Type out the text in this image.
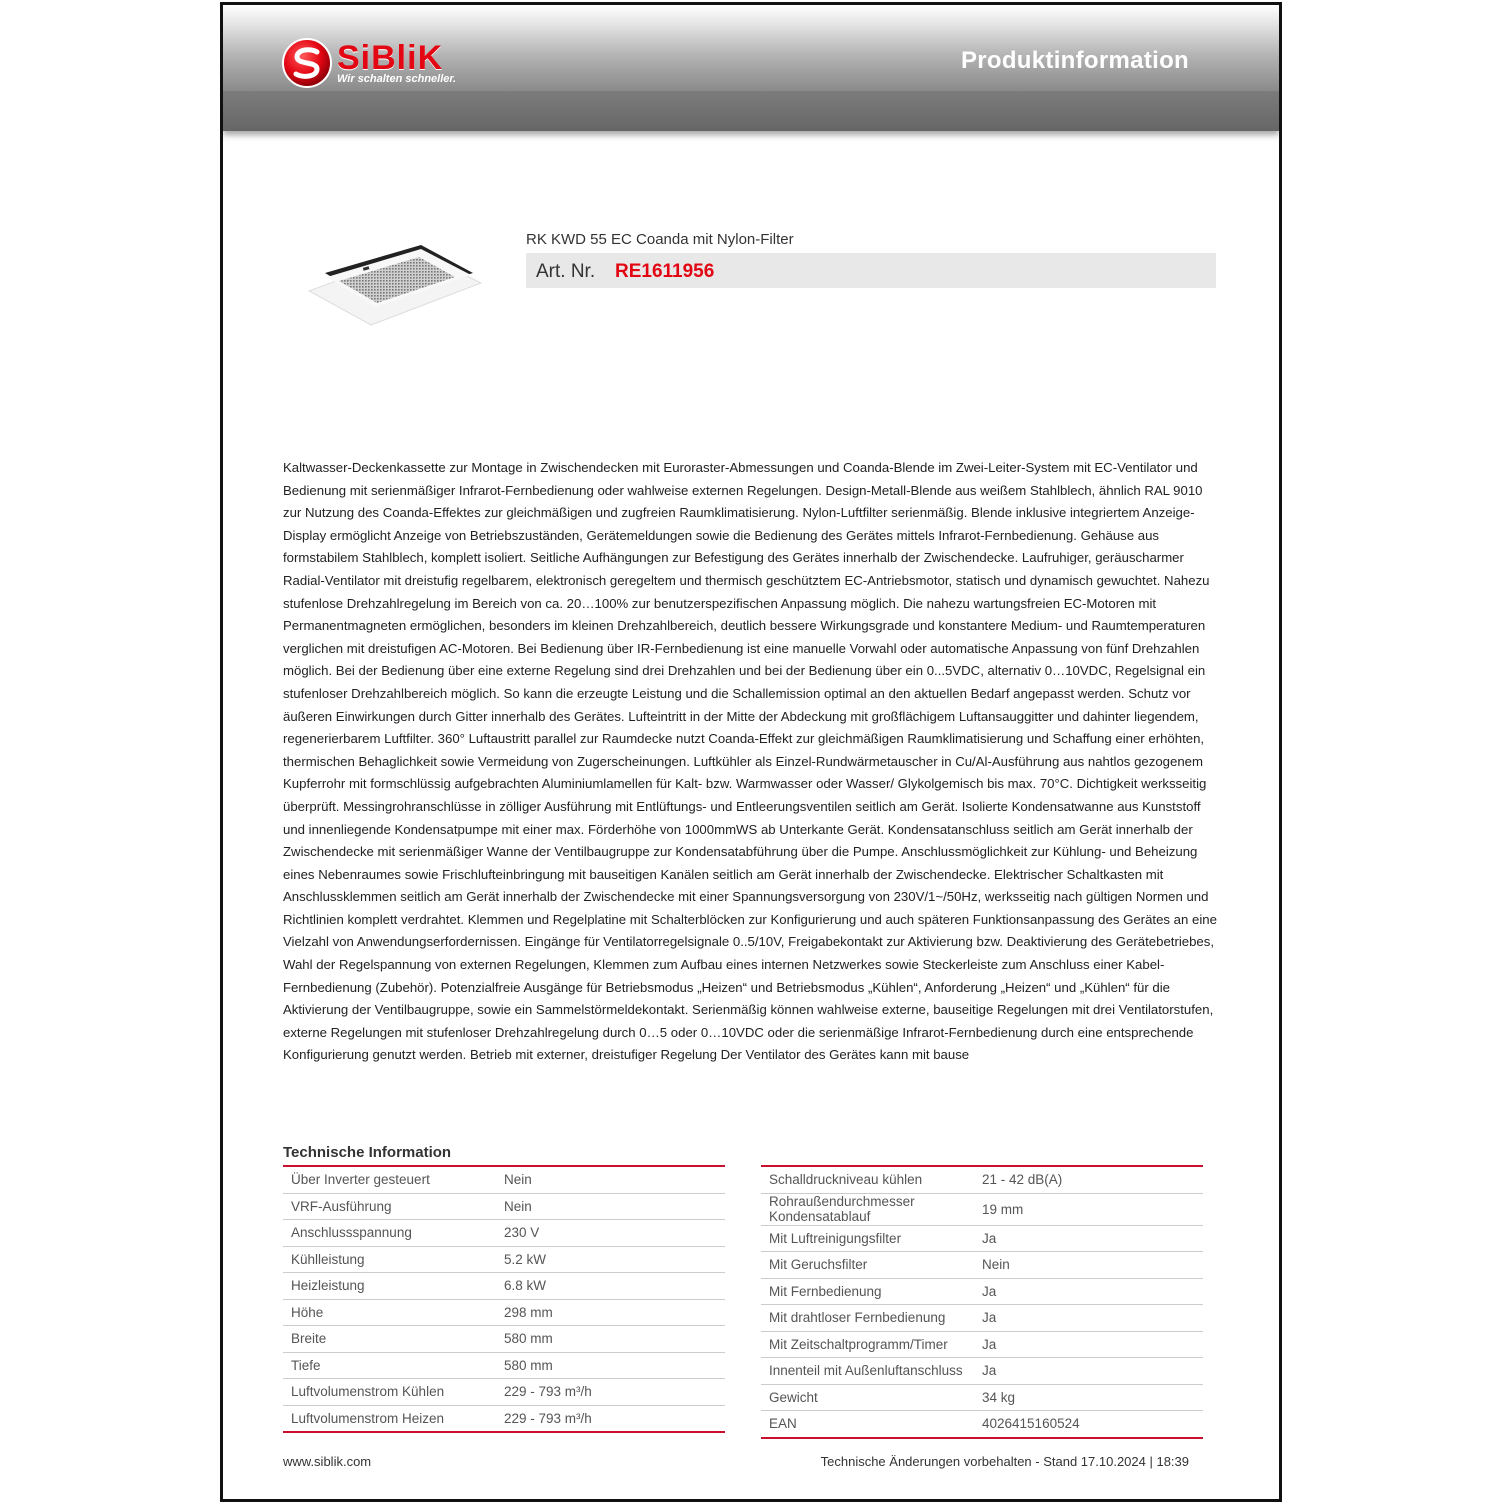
SiBliK
Wir schalten schneller.
Produktinformation
RK KWD 55 EC Coanda mit Nylon-Filter
Art. Nr. RE1611956

Kaltwasser-Deckenkassette zur Montage in Zwischendecken mit Euroraster-Abmessungen und Coanda-Blende im Zwei-Leiter-System mit EC-Ventilator und Bedienung mit serienmäßiger Infrarot-Fernbedienung oder wahlweise externen Regelungen. Design-Metall-Blende aus weißem Stahlblech, ähnlich RAL 9010 zur Nutzung des Coanda-Effektes zur gleichmäßigen und zugfreien Raumklimatisierung. Nylon-Luftfilter serienmäßig. Blende inklusive integriertem Anzeige-Display ermöglicht Anzeige von Betriebszuständen, Gerätemeldungen sowie die Bedienung des Gerätes mittels Infrarot-Fernbedienung. Gehäuse aus formstabilem Stahlblech, komplett isoliert. Seitliche Aufhängungen zur Befestigung des Gerätes innerhalb der Zwischendecke. Laufruhiger, geräuscharmer Radial-Ventilator mit dreistufig regelbarem, elektronisch geregeltem und thermisch geschütztem EC-Antriebsmotor, statisch und dynamisch gewuchtet. Nahezu stufenlose Drehzahlregelung im Bereich von ca. 20…100% zur benutzerspezifischen Anpassung möglich. Die nahezu wartungsfreien EC-Motoren mit Permanentmagneten ermöglichen, besonders im kleinen Drehzahlbereich, deutlich bessere Wirkungsgrade und konstantere Medium- und Raumtemperaturen verglichen mit dreistufigen AC-Motoren. Bei Bedienung über IR-Fernbedienung ist eine manuelle Vorwahl oder automatische Anpassung von fünf Drehzahlen möglich. Bei der Bedienung über eine externe Regelung sind drei Drehzahlen und bei der Bedienung über ein 0...5VDC, alternativ 0…10VDC, Regelsignal ein stufenloser Drehzahlbereich möglich. So kann die erzeugte Leistung und die Schallemission optimal an den aktuellen Bedarf angepasst werden. Schutz vor äußeren Einwirkungen durch Gitter innerhalb des Gerätes. Lufteintritt in der Mitte der Abdeckung mit großflächigem Luftansauggitter und dahinter liegendem, regenerierbarem Luftfilter. 360° Luftaustritt parallel zur Raumdecke nutzt Coanda-Effekt zur gleichmäßigen Raumklimatisierung und Schaffung einer erhöhten, thermischen Behaglichkeit sowie Vermeidung von Zugerscheinungen. Luftkühler als Einzel-Rundwärmetauscher in Cu/Al-Ausführung aus nahtlos gezogenem Kupferrohr mit formschlüssig aufgebrachten Aluminiumlamellen für Kalt- bzw. Warmwasser oder Wasser/ Glykolgemisch bis max. 70°C. Dichtigkeit werksseitig überprüft. Messingrohranschlüsse in zölliger Ausführung mit Entlüftungs- und Entleerungsventilen seitlich am Gerät. Isolierte Kondensatwanne aus Kunststoff und innenliegende Kondensatpumpe mit einer max. Förderhöhe von 1000mmWS ab Unterkante Gerät. Kondensatanschluss seitlich am Gerät innerhalb der Zwischendecke mit serienmäßiger Wanne der Ventilbaugruppe zur Kondensatabführung über die Pumpe. Anschlussmöglichkeit zur Kühlung- und Beheizung eines Nebenraumes sowie Frischlufteinbringung mit bauseitigen Kanälen seitlich am Gerät innerhalb der Zwischendecke. Elektrischer Schaltkasten mit Anschlussklemmen seitlich am Gerät innerhalb der Zwischendecke mit einer Spannungsversorgung von 230V/1~/50Hz, werksseitig nach gültigen Normen und Richtlinien komplett verdrahtet. Klemmen und Regelplatine mit Schalterblöcken zur Konfigurierung und auch späteren Funktionsanpassung des Gerätes an eine Vielzahl von Anwendungserfordernissen. Eingänge für Ventilatorregelsignale 0..5/10V, Freigabekontakt zur Aktivierung bzw. Deaktivierung des Gerätebetriebes, Wahl der Regelspannung von externen Regelungen, Klemmen zum Aufbau eines internen Netzwerkes sowie Steckerleiste zum Anschluss einer Kabel-Fernbedienung (Zubehör). Potenzialfreie Ausgänge für Betriebsmodus „Heizen“ und Betriebsmodus „Kühlen“, Anforderung „Heizen“ und „Kühlen“ für die Aktivierung der Ventilbaugruppe, sowie ein Sammelstörmeldekontakt. Serienmäßig können wahlweise externe, bauseitige Regelungen mit drei Ventilatorstufen, externe Regelungen mit stufenloser Drehzahlregelung durch 0…5 oder 0…10VDC oder die serienmäßige Infrarot-Fernbedienung durch eine entsprechende Konfigurierung genutzt werden. Betrieb mit externer, dreistufiger Regelung Der Ventilator des Gerätes kann mit bause

Technische Information
Über Inverter gesteuert	Nein
VRF-Ausführung	Nein
Anschlussspannung	230 V
Kühlleistung	5.2 kW
Heizleistung	6.8 kW
Höhe	298 mm
Breite	580 mm
Tiefe	580 mm
Luftvolumenstrom Kühlen	229 - 793 m³/h
Luftvolumenstrom Heizen	229 - 793 m³/h
Schalldruckniveau kühlen	21 - 42 dB(A)
Rohraußendurchmesser Kondensatablauf	19 mm
Mit Luftreinigungsfilter	Ja
Mit Geruchsfilter	Nein
Mit Fernbedienung	Ja
Mit drahtloser Fernbedienung	Ja
Mit Zeitschaltprogramm/Timer	Ja
Innenteil mit Außenluftanschluss	Ja
Gewicht	34 kg
EAN	4026415160524
www.siblik.com	Technische Änderungen vorbehalten - Stand 17.10.2024 | 18:39
